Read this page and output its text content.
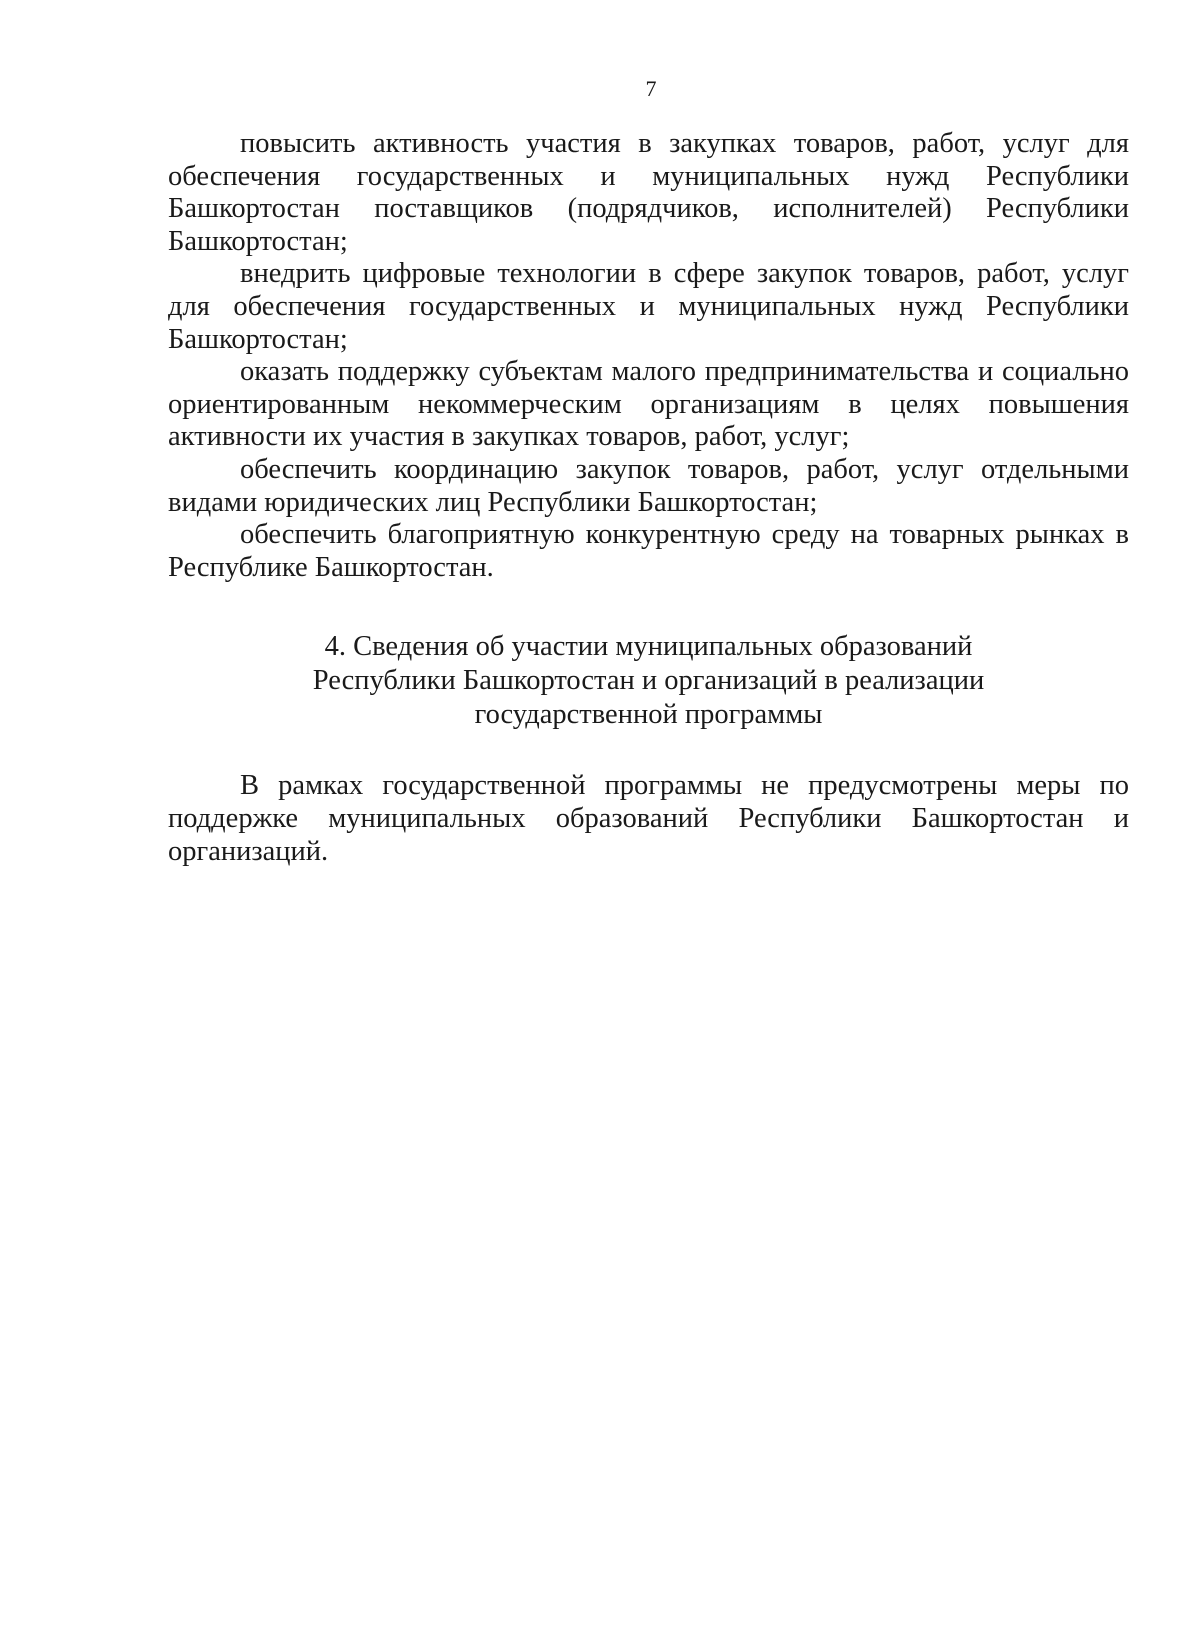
7

повысить активность участия в закупках товаров, работ, услуг для обеспечения государственных и муниципальных нужд Республики Башкортостан поставщиков (подрядчиков, исполнителей) Республики Башкортостан;

внедрить цифровые технологии в сфере закупок товаров, работ, услуг для обеспечения государственных и муниципальных нужд Республики Башкортостан;

оказать поддержку субъектам малого предпринимательства и социально ориентированным некоммерческим организациям в целях повышения активности их участия в закупках товаров, работ, услуг;

обеспечить координацию закупок товаров, работ, услуг отдельными видами юридических лиц Республики Башкортостан;

обеспечить благоприятную конкурентную среду на товарных рынках в Республике Башкортостан.

4. Сведения об участии муниципальных образований
Республики Башкортостан и организаций в реализации
государственной программы

В рамках государственной программы не предусмотрены меры по поддержке муниципальных образований Республики Башкортостан и организаций.
